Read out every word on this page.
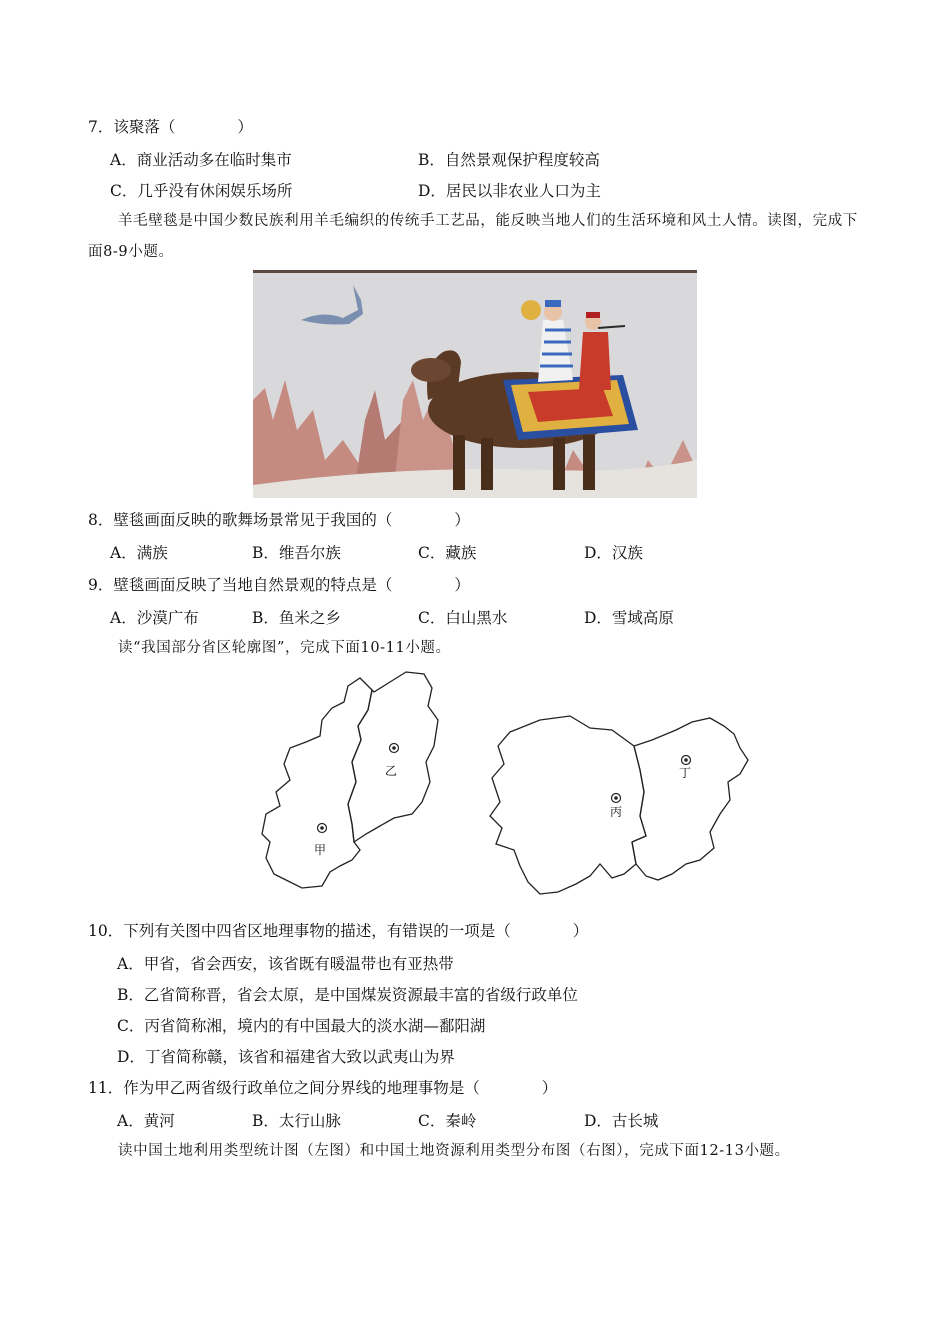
7．该聚落（　　　　）
A．商业活动多在临时集市	B．自然景观保护程度较高
C．几乎没有休闲娱乐场所	D．居民以非农业人口为主
羊毛壁毯是中国少数民族利用羊毛编织的传统手工艺品，能反映当地人们的生活环境和风土人情。读图，完成下面8-9小题。
8．壁毯画面反映的歌舞场景常见于我国的（　　　　）
A．满族	B．维吾尔族	C．藏族	D．汉族
9．壁毯画面反映了当地自然景观的特点是（　　　　）
A．沙漠广布	B．鱼米之乡	C．白山黑水	D．雪域高原
读“我国部分省区轮廓图”，完成下面10-11小题。
甲
乙
丙
丁
10．下列有关图中四省区地理事物的描述，有错误的一项是（　　　　）
A．甲省，省会西安，该省既有暖温带也有亚热带
B．乙省简称晋，省会太原，是中国煤炭资源最丰富的省级行政单位
C．丙省简称湘，境内的有中国最大的淡水湖—鄱阳湖
D．丁省简称赣，该省和福建省大致以武夷山为界
11．作为甲乙两省级行政单位之间分界线的地理事物是（　　　　）
A．黄河	B．太行山脉	C．秦岭	D．古长城
读中国土地利用类型统计图（左图）和中国土地资源利用类型分布图（右图），完成下面12-13小题。
